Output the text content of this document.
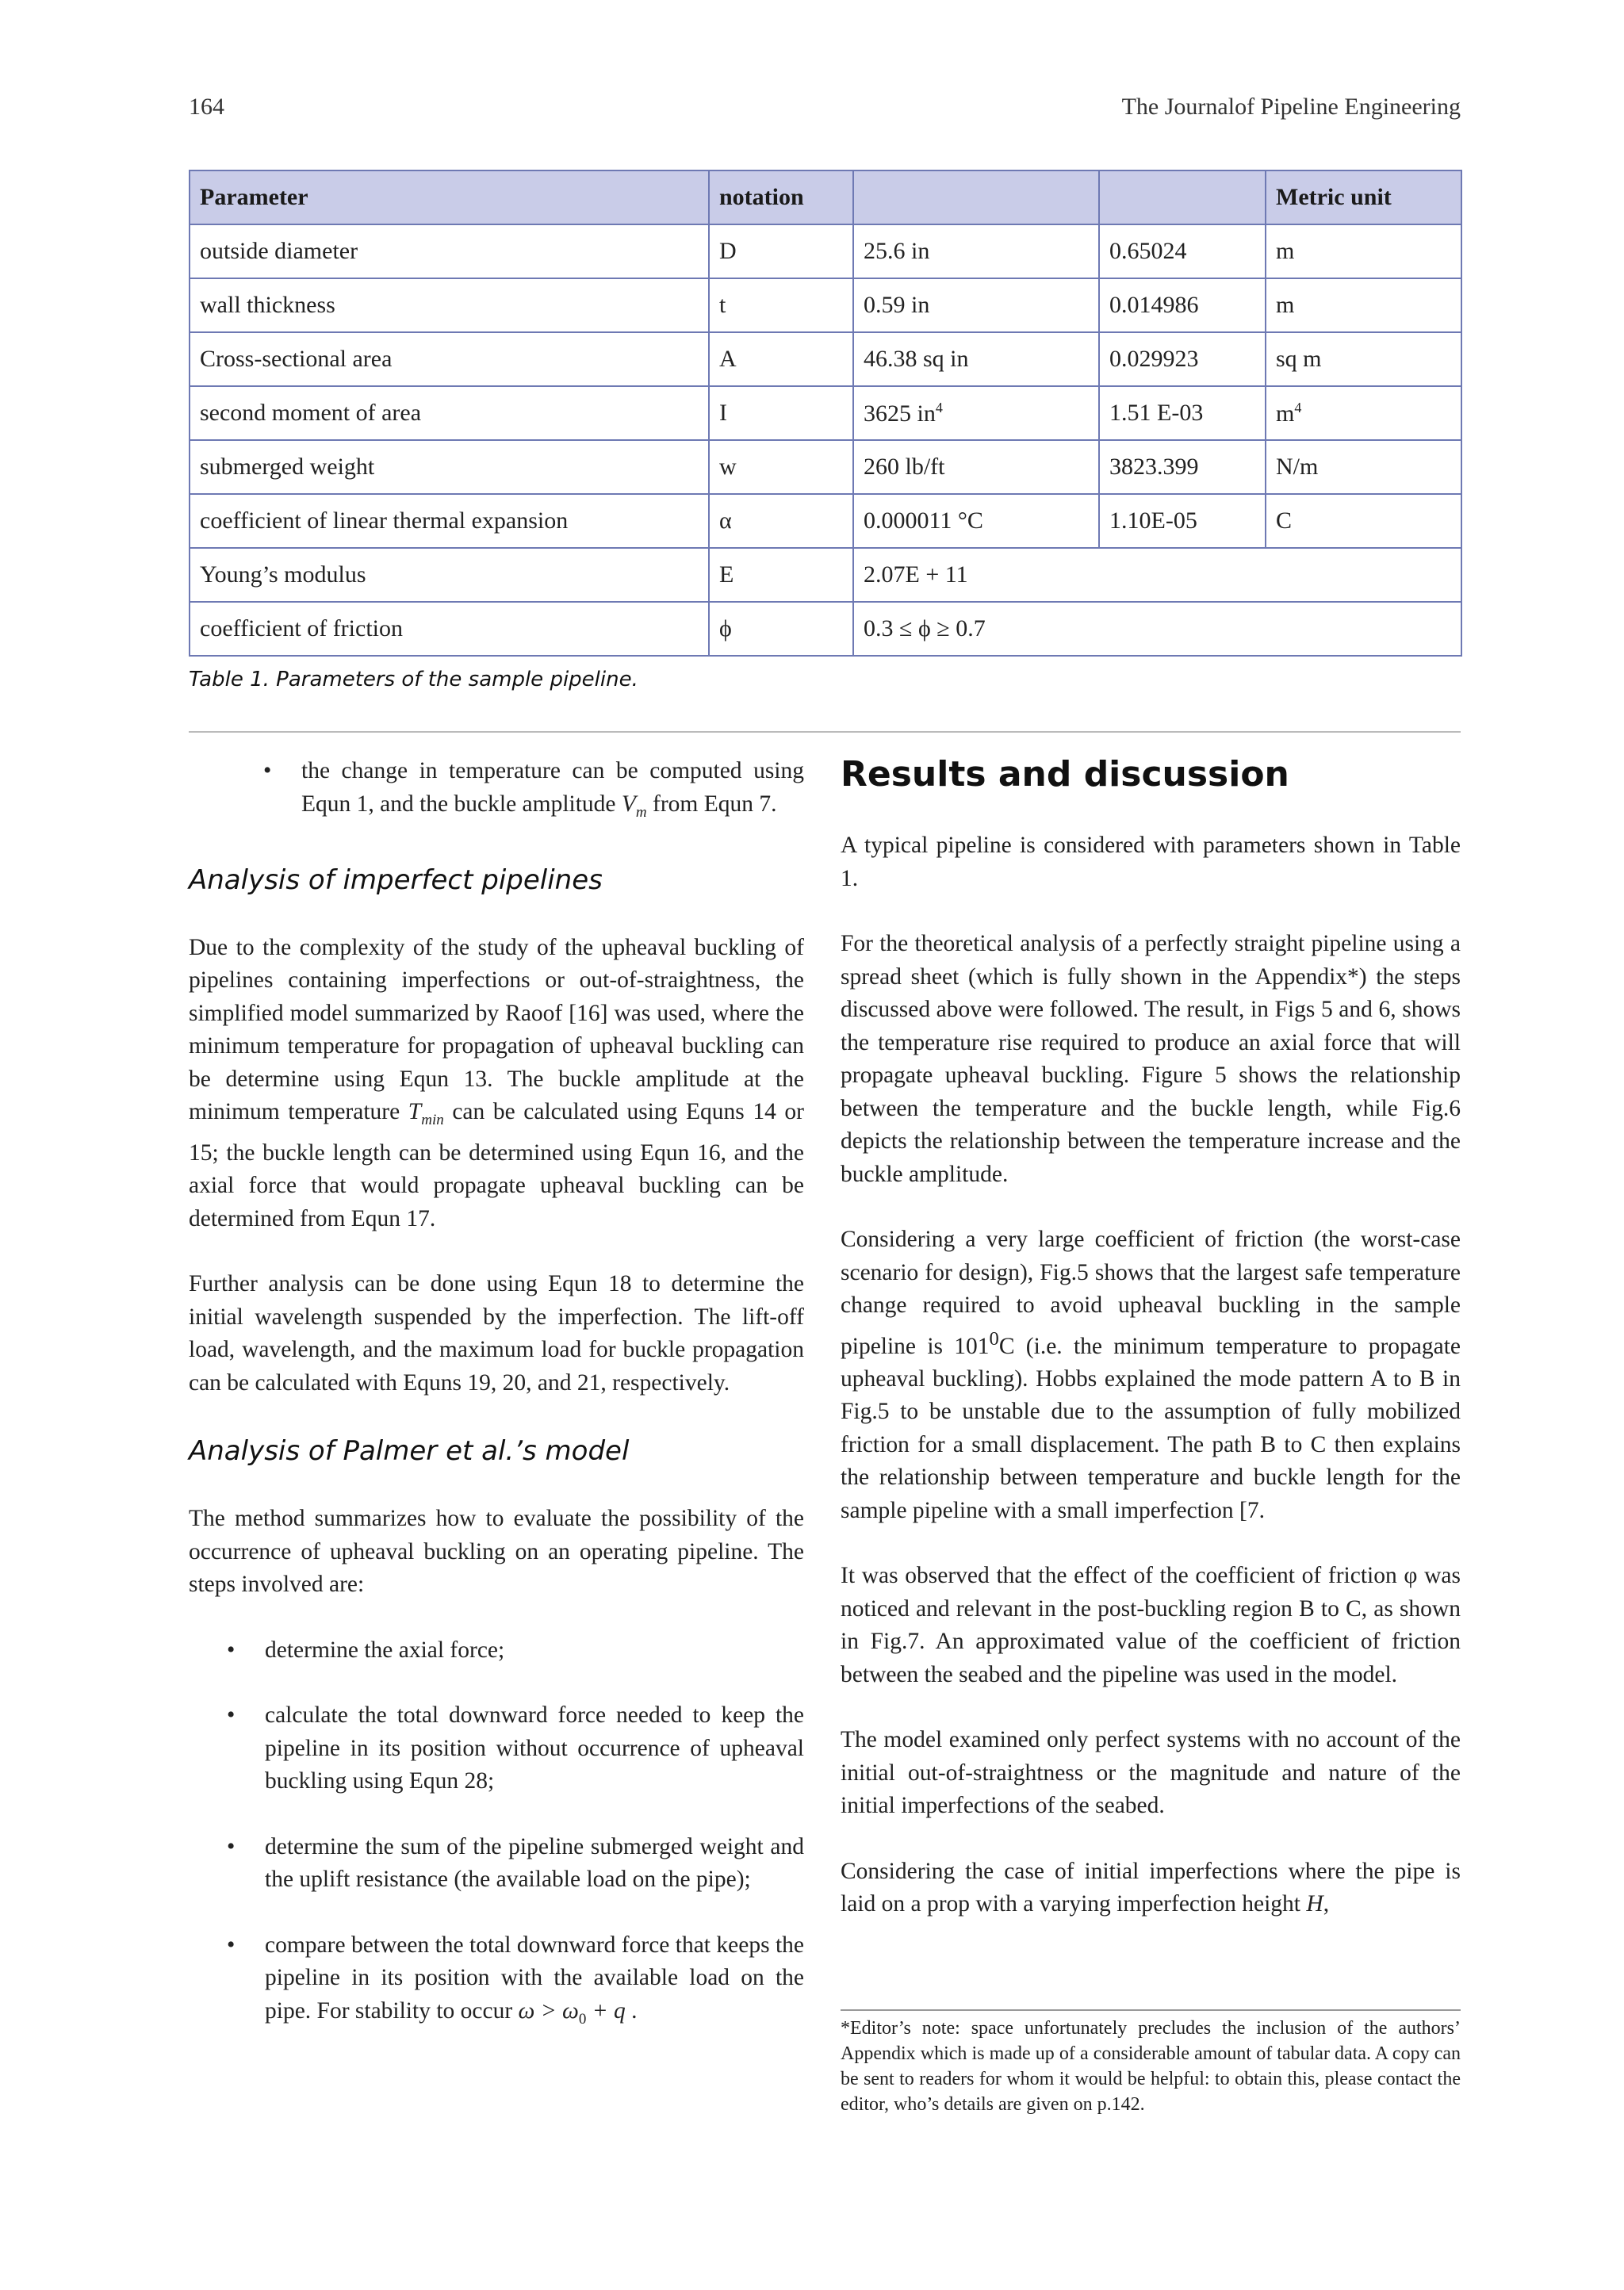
164	The Journalof Pipeline Engineering
Parameter	notation			Metric unit
outside diameter	D	25.6 in	0.65024	m
wall thickness	t	0.59 in	0.014986	m
Cross-sectional area	A	46.38 sq in	0.029923	sq m
second moment of area	I	3625 $in^4$	1.51 E-03	$m^4$
submerged weight	w	260 lb/ft	3823.399	N/m
coefficient of linear thermal expansion	α	0.000011 °C	1.10E-05	C
Young’s modulus	E	2.07E + 11		
coefficient of friction	ϕ	0.3 ≤ ϕ ≥ 0.7		
Table 1. Parameters of the sample pipeline.
• the change in temperature can be computed using Equn 1, and the buckle amplitude $V_m$ from Equn 7.
Analysis of imperfect pipelines

Due to the complexity of the study of the upheaval buckling of pipelines containing imperfections or out-of-straightness, the simplified model summarized by Raoof [16] was used, where the minimum temperature for propagation of upheaval buckling can be determine using Equn 13. The buckle amplitude at the minimum temperature $T_{min}$ can be calculated using Equns 14 or 15; the buckle length can be determined using Equn 16, and the axial force that would propagate upheaval buckling can be determined from Equn 17.

Further analysis can be done using Equn 18 to determine the initial wavelength suspended by the imperfection. The lift-off load, wavelength, and the maximum load for buckle propagation can be calculated with Equns 19, 20, and 21, respectively.

Analysis of Palmer et al.’s model

The method summarizes how to evaluate the possibility of the occurrence of upheaval buckling on an operating pipeline. The steps involved are:

• determine the axial force;
• calculate the total downward force needed to keep the pipeline in its position without occurrence of upheaval buckling using Equn 28;
• determine the sum of the pipeline submerged weight and the uplift resistance (the available load on the pipe);
• compare between the total downward force that keeps the pipeline in its position with the available load on the pipe. For stability to occur $\omega > \omega_0 + q$ .
Results and discussion

A typical pipeline is considered with parameters shown in Table 1.

For the theoretical analysis of a perfectly straight pipeline using a spread sheet (which is fully shown in the Appendix*) the steps discussed above were followed. The result, in Figs 5 and 6, shows the temperature rise required to produce an axial force that will propagate upheaval buckling. Figure 5 shows the relationship between the temperature and the buckle length, while Fig.6 depicts the relationship between the temperature increase and the buckle amplitude.

Considering a very large coefficient of friction (the worst-case scenario for design), Fig.5 shows that the largest safe temperature change required to avoid upheaval buckling in the sample pipeline is $101^0C$ (i.e. the minimum temperature to propagate upheaval buckling). Hobbs explained the mode pattern A to B in Fig.5 to be unstable due to the assumption of fully mobilized friction for a small displacement. The path B to C then explains the relationship between temperature and buckle length for the sample pipeline with a small imperfection [7.

It was observed that the effect of the coefficient of friction φ was noticed and relevant in the post-buckling region B to C, as shown in Fig.7. An approximated value of the coefficient of friction between the seabed and the pipeline was used in the model.

The model examined only perfect systems with no account of the initial out-of-straightness or the magnitude and nature of the initial imperfections of the seabed.

Considering the case of initial imperfections where the pipe is laid on a prop with a varying imperfection height H,

*Editor’s note: space unfortunately precludes the inclusion of the authors’ Appendix which is made up of a considerable amount of tabular data. A copy can be sent to readers for whom it would be helpful: to obtain this, please contact the editor, who’s details are given on p.142.
